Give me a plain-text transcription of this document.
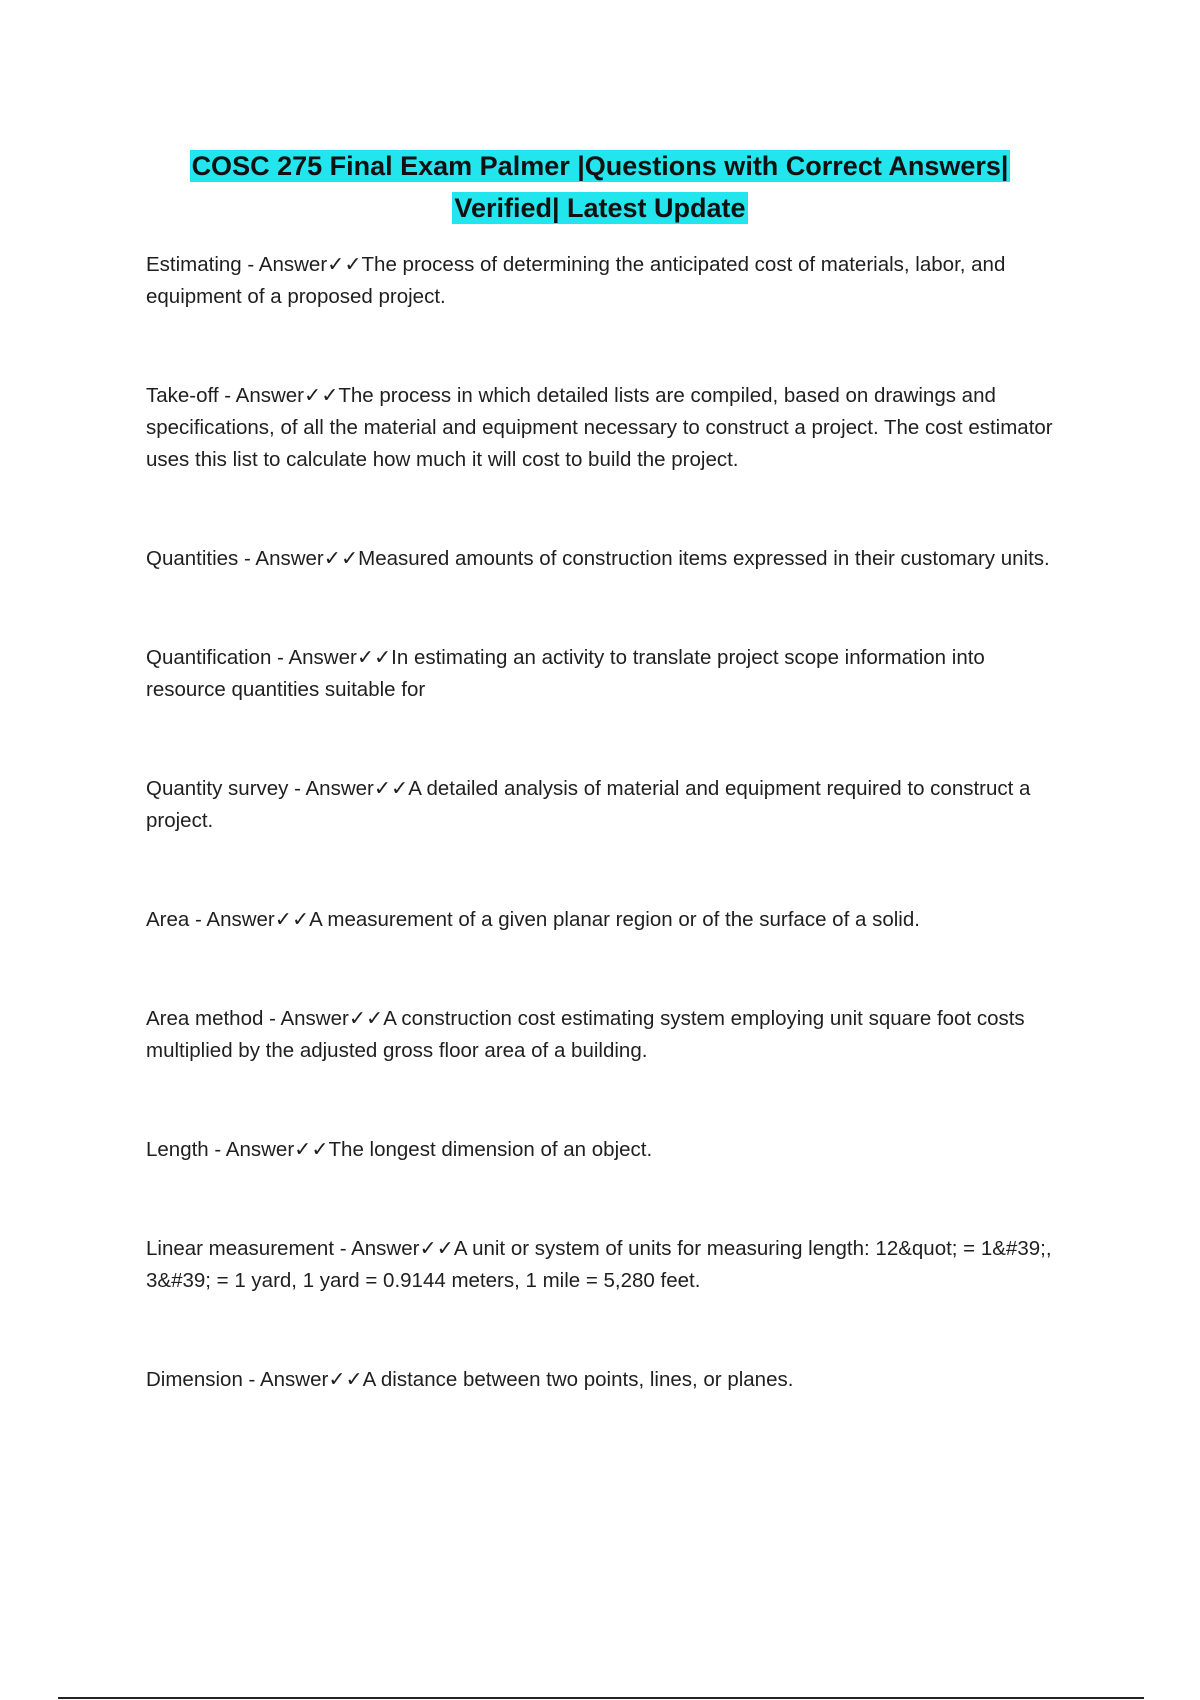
COSC 275 Final Exam Palmer |Questions with Correct Answers|
Verified| Latest Update

Estimating - Answer✓✓The process of determining the anticipated cost of materials, labor, and equipment of a proposed project.

Take-off - Answer✓✓The process in which detailed lists are compiled, based on drawings and specifications, of all the material and equipment necessary to construct a project. The cost estimator uses this list to calculate how much it will cost to build the project.

Quantities - Answer✓✓Measured amounts of construction items expressed in their customary units.

Quantification - Answer✓✓In estimating an activity to translate project scope information into resource quantities suitable for

Quantity survey - Answer✓✓A detailed analysis of material and equipment required to construct a project.

Area - Answer✓✓A measurement of a given planar region or of the surface of a solid.

Area method - Answer✓✓A construction cost estimating system employing unit square foot costs multiplied by the adjusted gross floor area of a building.

Length - Answer✓✓The longest dimension of an object.

Linear measurement - Answer✓✓A unit or system of units for measuring length: 12&quot; = 1&#39;, 3&#39; = 1 yard, 1 yard = 0.9144 meters, 1 mile = 5,280 feet.

Dimension - Answer✓✓A distance between two points, lines, or planes.
